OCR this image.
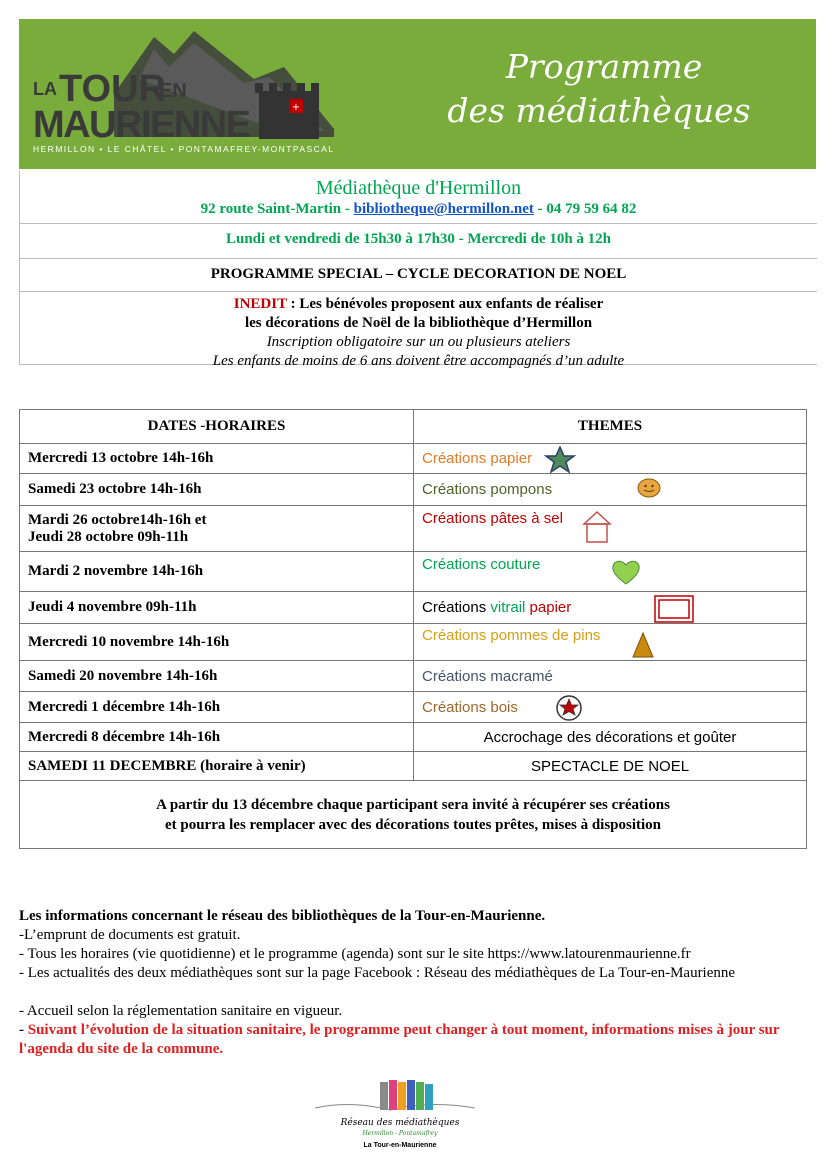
+
LA TOUR
EN
MAURIENNE
HERMILLON • LE CHÂTEL • PONTAMAFREY-MONTPASCAL
Programme
des médiathèques
Médiathèque d'Hermillon
92 route Saint-Martin - bibliotheque@hermillon.net - 04 79 59 64 82
Lundi et vendredi de 15h30 à 17h30 - Mercredi de 10h à 12h
PROGRAMME SPECIAL – CYCLE DECORATION DE NOEL
INEDIT : Les bénévoles proposent aux enfants de réaliser
les décorations de Noël de la bibliothèque d’Hermillon
Inscription obligatoire sur un ou plusieurs ateliers
Les enfants de moins de 6 ans doivent être accompagnés d’un adulte
DATES -HORAIRES	THEMES
Mercredi 13 octobre 14h-16h	Créations papier

Samedi 23 octobre 14h-16h	Créations pompons

Mardi 26 octobre14h-16h et
Jeudi 28 octobre 09h-11h	Créations pâtes à sel

Mardi 2 novembre 14h-16h	Créations couture

Jeudi 4 novembre 09h-11h	Créations vitrail papier

Mercredi 10 novembre 14h-16h	Créations pommes de pins

Samedi 20 novembre 14h-16h	Créations macramé
Mercredi 1 décembre 14h-16h	Créations bois

Mercredi 8 décembre 14h-16h	Accrochage des décorations et goûter
SAMEDI 11 DECEMBRE (horaire à venir)	SPECTACLE DE NOEL

A partir du 13 décembre chaque participant sera invité à récupérer ses créations
et pourra les remplacer avec des décorations toutes prêtes, mises à disposition	
Les informations concernant le réseau des bibliothèques de la Tour-en-Maurienne.
-L’emprunt de documents est gratuit.
- Tous les horaires (vie quotidienne) et le programme (agenda) sont sur le site https://www.latourenmaurienne.fr
- Les actualités des deux médiathèques sont sur la page Facebook : Réseau des médiathèques de La Tour-en-Maurienne
- Accueil selon la réglementation sanitaire en vigueur.
- Suivant l’évolution de la situation sanitaire, le programme peut changer à tout moment, informations mises à jour sur l'agenda du site de la commune.
Réseau des médiathèques
Hermillon - Pontamafrey
La Tour-en-Maurienne
